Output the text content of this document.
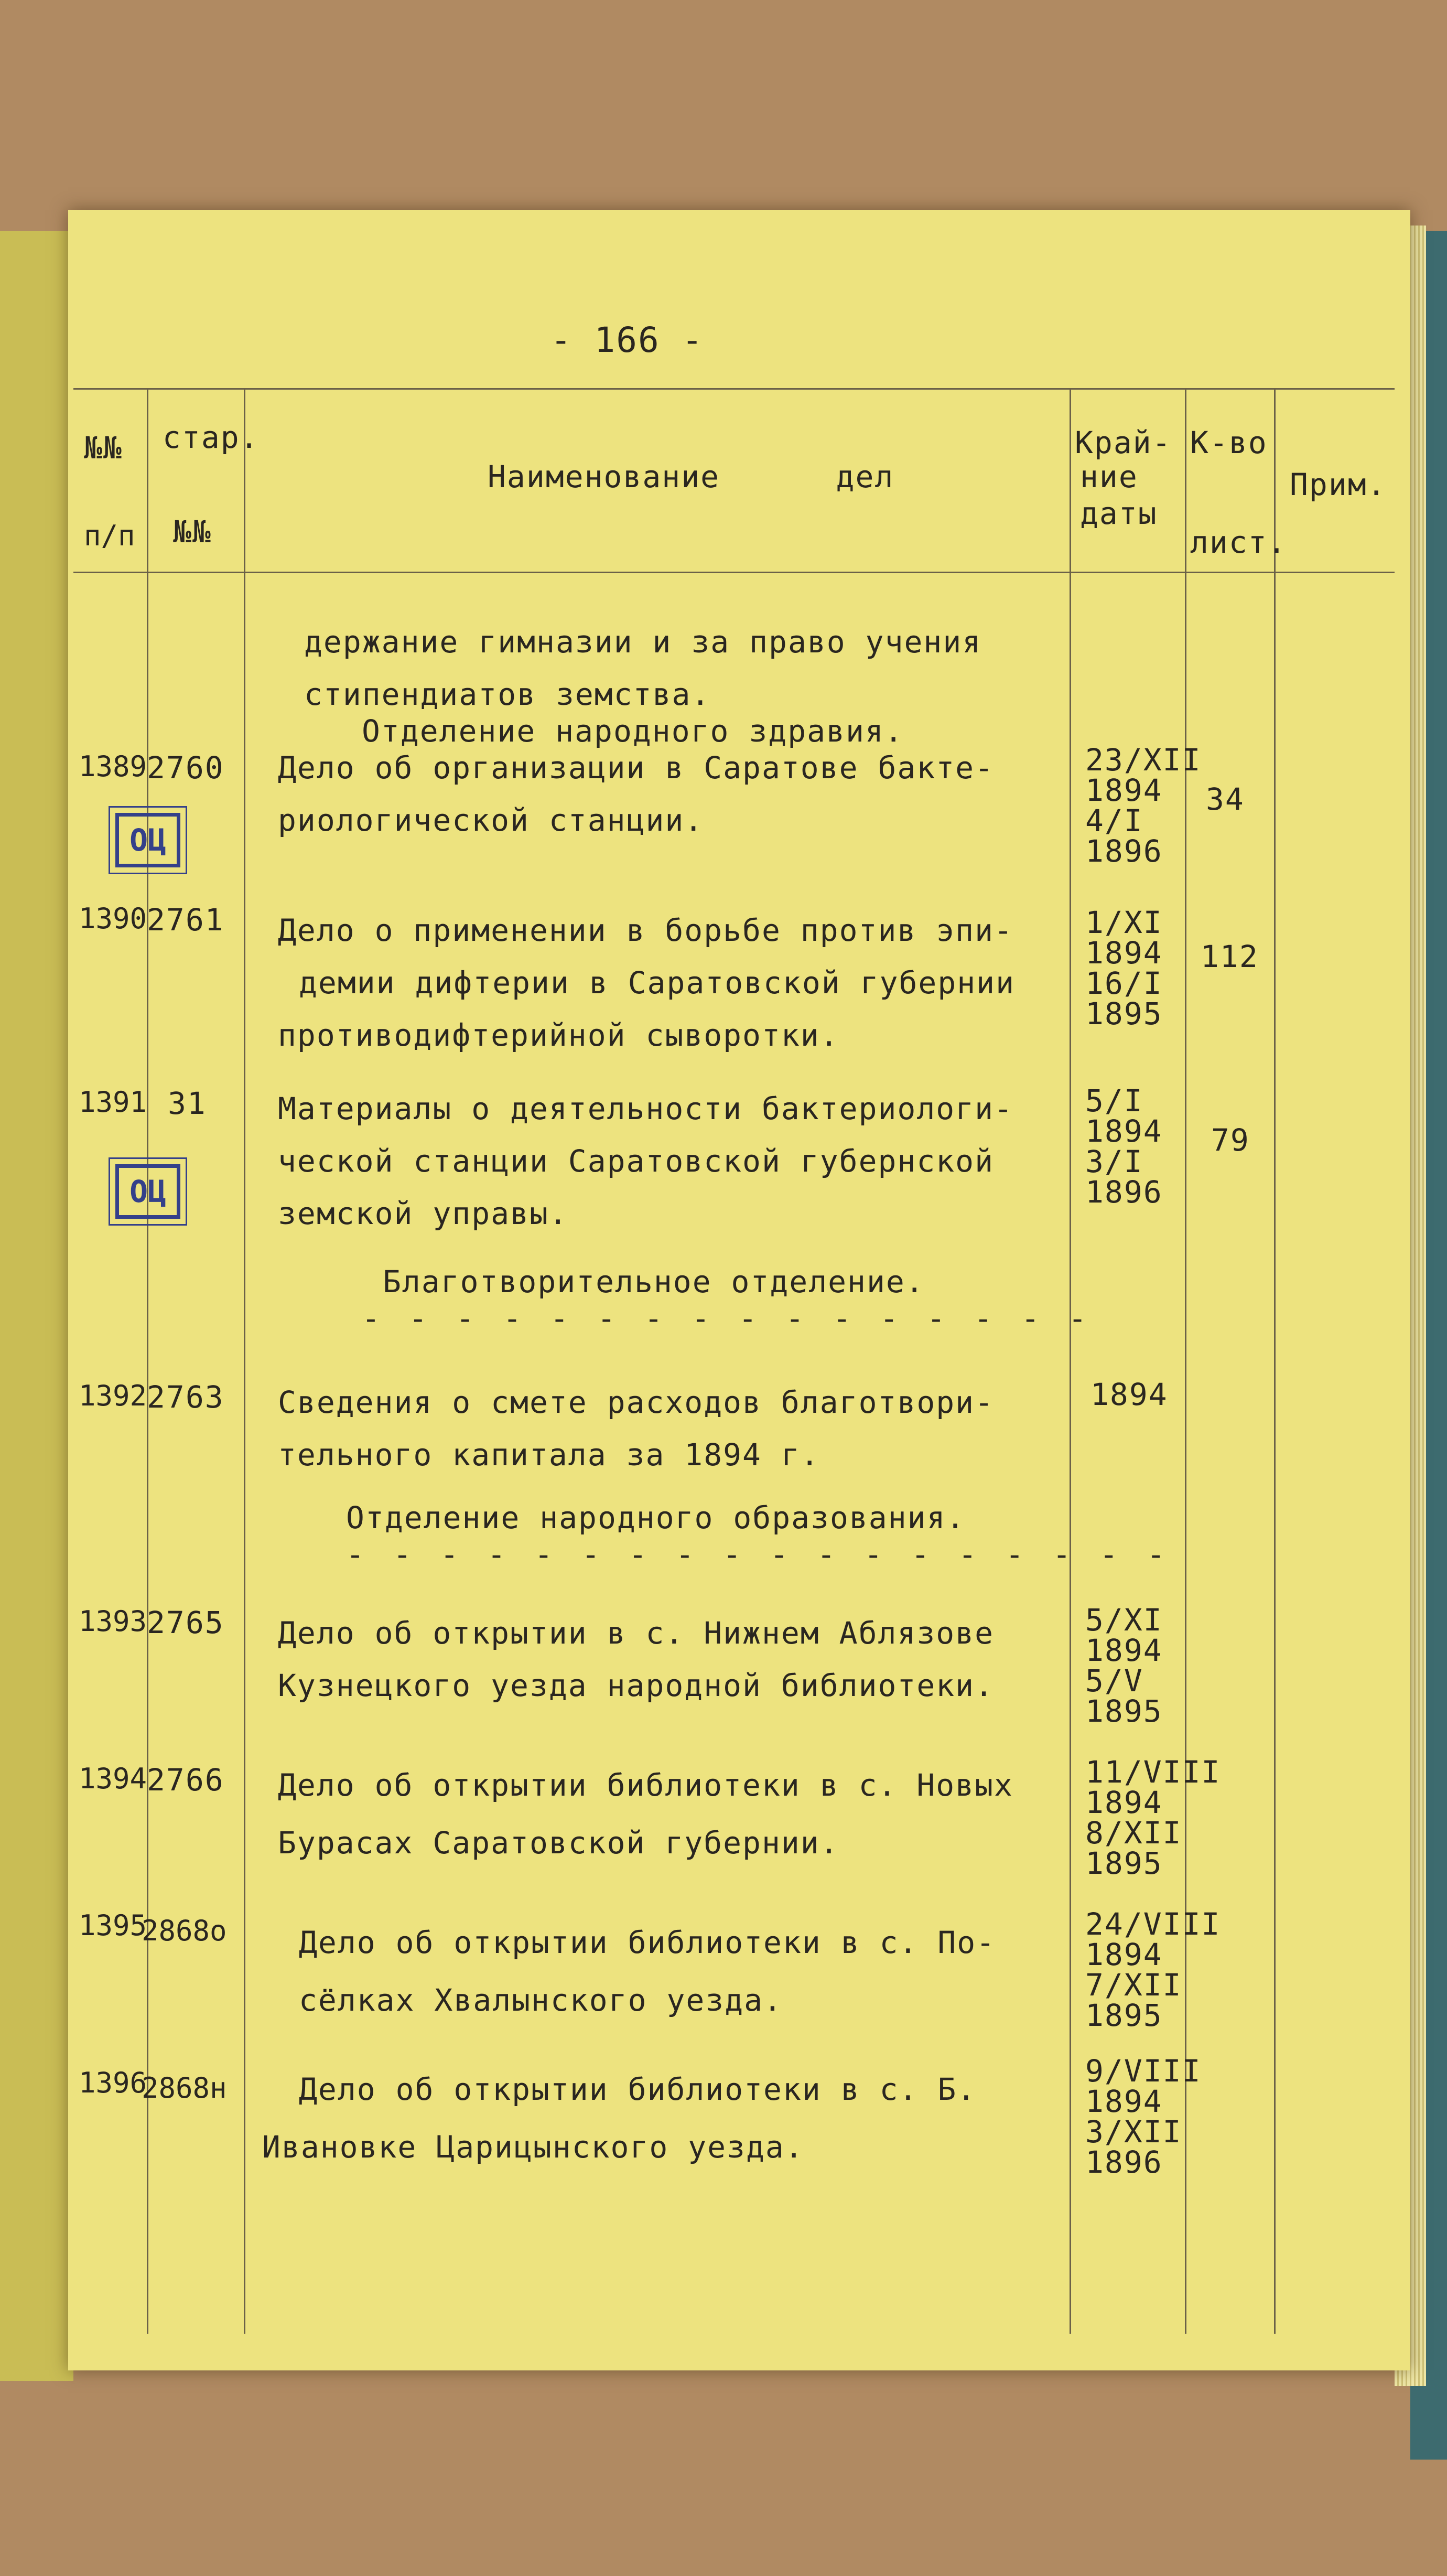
- 166 -
№№
п/п
стар.
№№
Наименование      дел
Край-
ние
даты
К-во
лист.
Прим.
держание гимназии и за право учения
стипендиатов земства.
Отделение народного здравия.
1389 2760
ОЦ
Дело об организации в Саратове бакте-
риологической станции.
23/XII
1894
4/I
1896
34
1390 2761 Дело о применении в борьбе против эпи-
демии дифтерии в Саратовской губернии
противодифтерийной сыворотки.
1/XI
1894
16/I
1895
112
1391 31
ОЦ
Материалы о деятельности бактериологи-
ческой станции Саратовской губернской
земской управы.
5/I
1894
3/I
1896
79
Благотворительное отделение.
- - - - - - - - - - - - - - - -
1392 2763 Сведения о смете расходов благотвори-
тельного капитала за 1894 г.
1894
Отделение народного образования.
- - - - - - - - - - - - - - - - - -
1393 2765 Дело об открытии в с. Нижнем Аблязове
Кузнецкого уезда народной библиотеки.
5/XI
1894
5/V
1895
1394 2766 Дело об открытии библиотеки в с. Новых
Бурасах Саратовской губернии.
11/VIII
1894
8/XII
1895
1395
2868о Дело об открытии библиотеки в с. По-
сёлках Хвалынского уезда.
24/VIII
1894
7/XII
1895
1396
2868н Дело об открытии библиотеки в с. Б.
Ивановке Царицынского уезда.
9/VIII
1894
3/XII
1896
